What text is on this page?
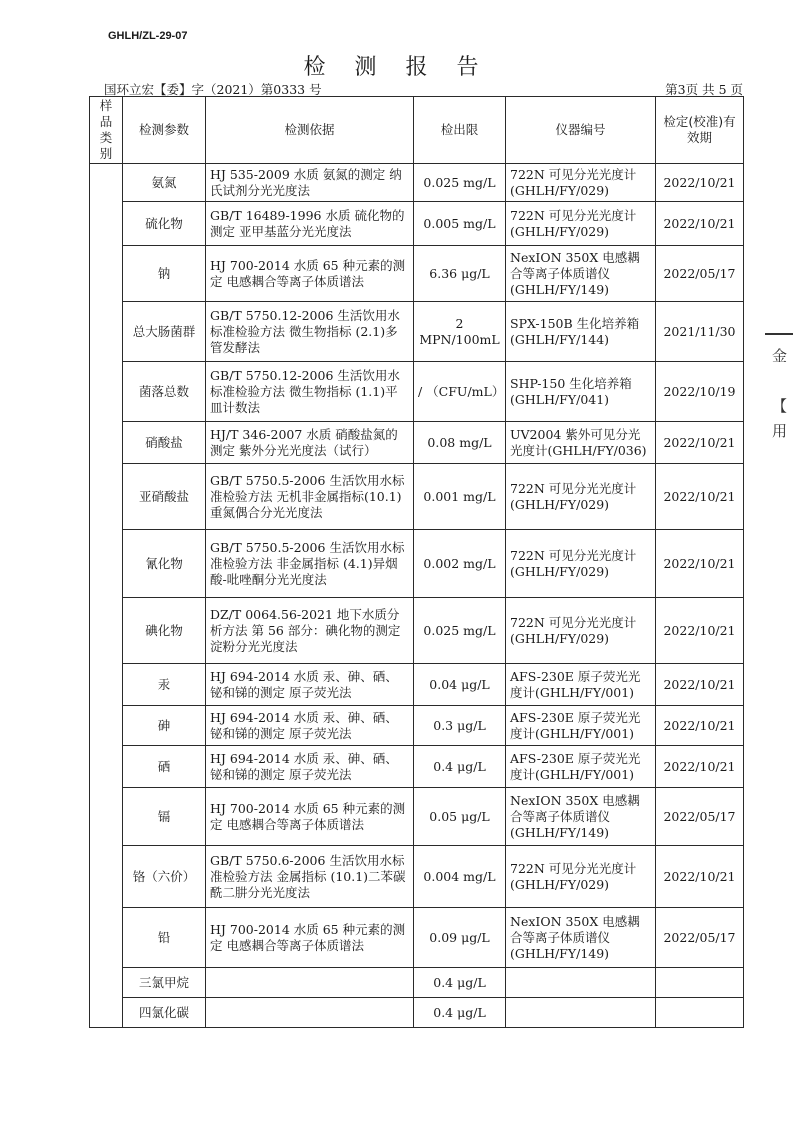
GHLH/ZL-29-07
检 测 报 告
国环立宏【委】字（2021）第0333 号	第3页 共 5 页
样品类别	检测参数	检测依据	检出限	仪器编号	检定(校准)有效期
	氨氮	HJ 535-2009 水质 氨氮的测定 纳氏试剂分光光度法	0.025 mg/L	722N 可见分光光度计(GHLH/FY/029)	2022/10/21
	硫化物	GB/T 16489-1996 水质 硫化物的测定 亚甲基蓝分光光度法	0.005 mg/L	722N 可见分光光度计(GHLH/FY/029)	2022/10/21
	钠	HJ 700-2014 水质 65 种元素的测定 电感耦合等离子体质谱法	6.36 μg/L	NexION 350X 电感耦合等离子体质谱仪(GHLH/FY/149)	2022/05/17
	总大肠菌群	GB/T 5750.12-2006 生活饮用水标准检验方法 微生物指标 (2.1)多管发酵法	2 MPN/100mL	SPX-150B 生化培养箱(GHLH/FY/144)	2021/11/30
	菌落总数	GB/T 5750.12-2006 生活饮用水标准检验方法 微生物指标 (1.1)平皿计数法	/ （CFU/mL）	SHP-150 生化培养箱(GHLH/FY/041)	2022/10/19
	硝酸盐	HJ/T 346-2007 水质 硝酸盐氮的测定 紫外分光光度法（试行）	0.08 mg/L	UV2004 紫外可见分光光度计(GHLH/FY/036)	2022/10/21
	亚硝酸盐	GB/T 5750.5-2006 生活饮用水标准检验方法 无机非金属指标(10.1)重氮偶合分光光度法	0.001 mg/L	722N 可见分光光度计(GHLH/FY/029)	2022/10/21
	氰化物	GB/T 5750.5-2006 生活饮用水标准检验方法 非金属指标 (4.1)异烟酸-吡唑酮分光光度法	0.002 mg/L	722N 可见分光光度计(GHLH/FY/029)	2022/10/21
	碘化物	DZ/T 0064.56-2021 地下水质分析方法 第 56 部分：碘化物的测定 淀粉分光光度法	0.025 mg/L	722N 可见分光光度计(GHLH/FY/029)	2022/10/21
	汞	HJ 694-2014 水质 汞、砷、硒、铋和锑的测定 原子荧光法	0.04 μg/L	AFS-230E 原子荧光光度计(GHLH/FY/001)	2022/10/21
	砷	HJ 694-2014 水质 汞、砷、硒、铋和锑的测定 原子荧光法	0.3 μg/L	AFS-230E 原子荧光光度计(GHLH/FY/001)	2022/10/21
	硒	HJ 694-2014 水质 汞、砷、硒、铋和锑的测定 原子荧光法	0.4 μg/L	AFS-230E 原子荧光光度计(GHLH/FY/001)	2022/10/21
	镉	HJ 700-2014 水质 65 种元素的测定 电感耦合等离子体质谱法	0.05 μg/L	NexION 350X 电感耦合等离子体质谱仪(GHLH/FY/149)	2022/05/17
	铬（六价）	GB/T 5750.6-2006 生活饮用水标准检验方法 金属指标 (10.1)二苯碳酰二肼分光光度法	0.004 mg/L	722N 可见分光光度计(GHLH/FY/029)	2022/10/21
	铅	HJ 700-2014 水质 65 种元素的测定 电感耦合等离子体质谱法	0.09 μg/L	NexION 350X 电感耦合等离子体质谱仪(GHLH/FY/149)	2022/05/17
	三氯甲烷		0.4 μg/L		
	四氯化碳		0.4 μg/L		
金
【
用
